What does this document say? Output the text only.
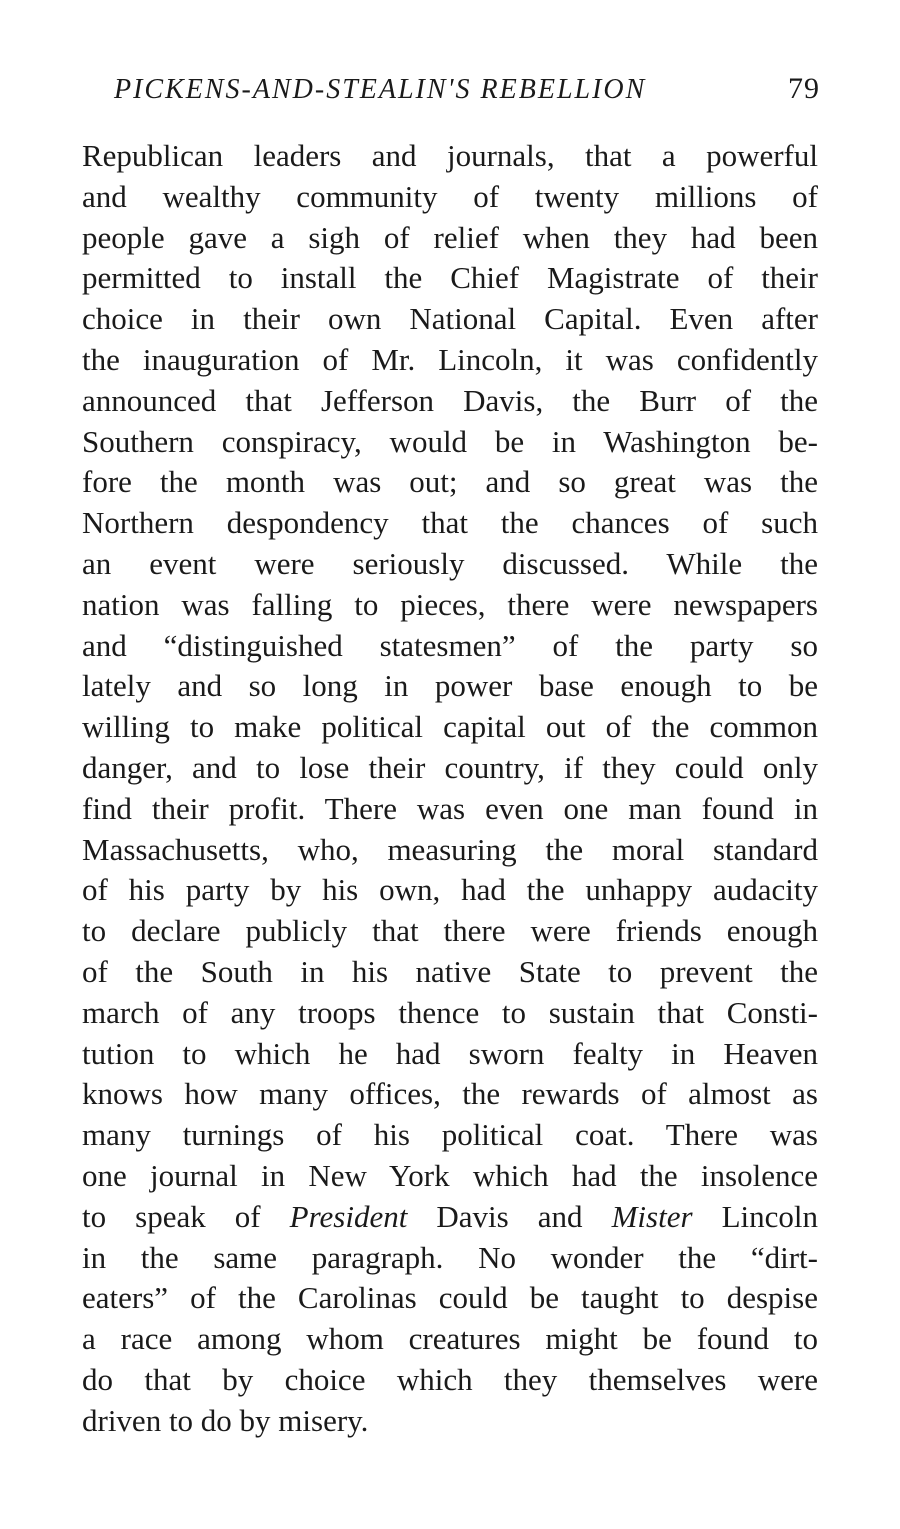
PICKENS-AND-STEALIN'S REBELLION	79
Republican leaders and journals, that a powerful
and wealthy community of twenty millions of
people gave a sigh of relief when they had been
permitted to install the Chief Magistrate of their
choice in their own National Capital. Even after
the inauguration of Mr. Lincoln, it was confidently
announced that Jefferson Davis, the Burr of the
Southern conspiracy, would be in Washington be-
fore the month was out; and so great was the
Northern despondency that the chances of such
an event were seriously discussed. While the
nation was falling to pieces, there were newspapers
and “distinguished statesmen” of the party so
lately and so long in power base enough to be
willing to make political capital out of the common
danger, and to lose their country, if they could only
find their profit. There was even one man found in
Massachusetts, who, measuring the moral standard
of his party by his own, had the unhappy audacity
to declare publicly that there were friends enough
of the South in his native State to prevent the
march of any troops thence to sustain that Consti-
tution to which he had sworn fealty in Heaven
knows how many offices, the rewards of almost as
many turnings of his political coat. There was
one journal in New York which had the insolence
to speak of President Davis and Mister Lincoln
in the same paragraph. No wonder the “dirt-
eaters” of the Carolinas could be taught to despise
a race among whom creatures might be found to
do that by choice which they themselves were
driven to do by misery.
